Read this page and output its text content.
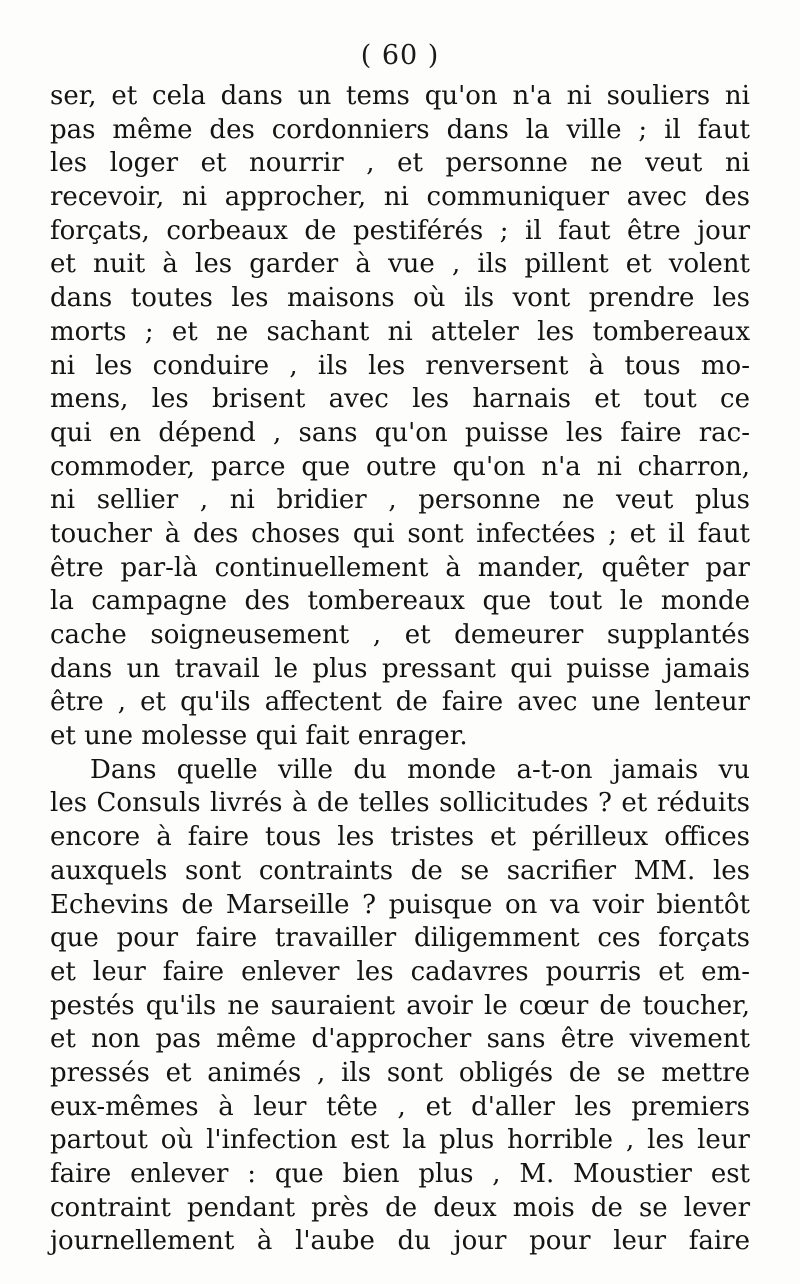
( 60 )
ser, et cela dans un tems qu'on n'a ni souliers ni
pas même des cordonniers dans la ville ; il faut
les loger et nourrir , et personne ne veut ni
recevoir, ni approcher, ni communiquer avec des
forçats, corbeaux de pestiférés ; il faut être jour
et nuit à les garder à vue , ils pillent et volent
dans toutes les maisons où ils vont prendre les
morts ; et ne sachant ni atteler les tombereaux
ni les conduire , ils les renversent à tous mo-
mens, les brisent avec les harnais et tout ce
qui en dépend , sans qu'on puisse les faire rac-
commoder, parce que outre qu'on n'a ni charron,
ni sellier , ni bridier , personne ne veut plus
toucher à des choses qui sont infectées ; et il faut
être par-là continuellement à mander, quêter par
la campagne des tombereaux que tout le monde
cache soigneusement , et demeurer supplantés
dans un travail le plus pressant qui puisse jamais
être , et qu'ils affectent de faire avec une lenteur
et une molesse qui fait enrager.
Dans quelle ville du monde a-t-on jamais vu
les Consuls livrés à de telles sollicitudes ? et réduits
encore à faire tous les tristes et périlleux offices
auxquels sont contraints de se sacrifier MM. les
Echevins de Marseille ? puisque on va voir bientôt
que pour faire travailler diligemment ces forçats
et leur faire enlever les cadavres pourris et em-
pestés qu'ils ne sauraient avoir le cœur de toucher,
et non pas même d'approcher sans être vivement
pressés et animés , ils sont obligés de se mettre
eux-mêmes à leur tête , et d'aller les premiers
partout où l'infection est la plus horrible , les leur
faire enlever : que bien plus , M. Moustier est
contraint pendant près de deux mois de se lever
journellement à l'aube du jour pour leur faire
